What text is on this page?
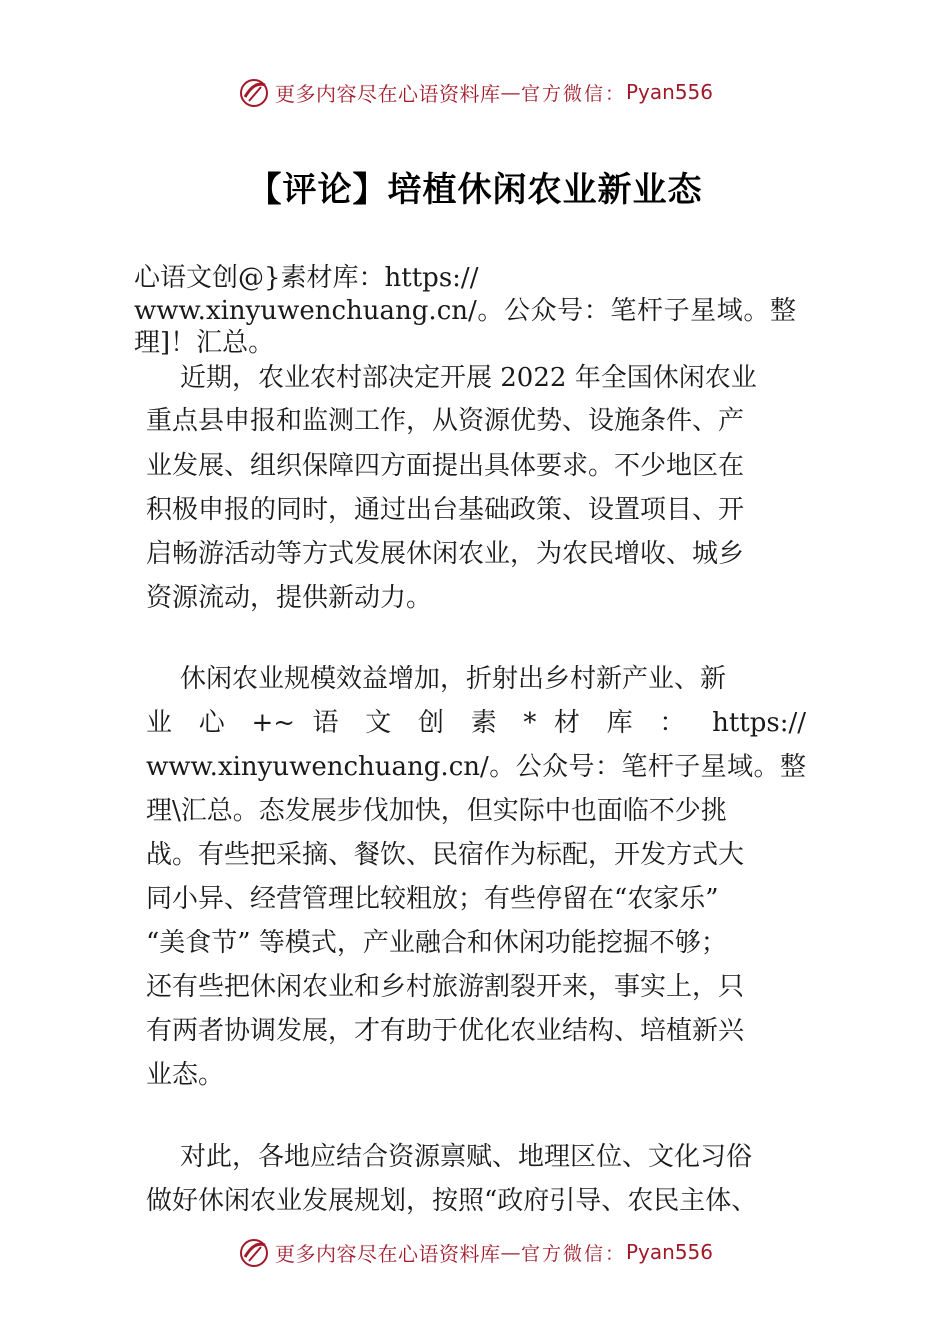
更多内容尽在心语资料库 — 官方微信： Pyan556
【评论】培植休闲农业新业态
心语文创@}素材库：https://
www.xinyuwenchuang.cn/。公众号：笔杆子星域。整
理]！汇总。
近期，农业农村部决定开展 2022 年全国休闲农业
重点县申报和监测工作，从资源优势、设施条件、产
业发展、组织保障四方面提出具体要求。不少地区在
积极申报的同时，通过出台基础政策、设置项目、开
启畅游活动等方式发展休闲农业，为农民增收、城乡
资源流动，提供新动力。
休闲农业规模效益增加，折射出乡村新产业、新
业 心 +~ 语 文 创 素 * 材 库 ： https://
www.xinyuwenchuang.cn/。公众号：笔杆子星域。整
理\汇总。态发展步伐加快，但实际中也面临不少挑
战。有些把采摘、餐饮、民宿作为标配，开发方式大
同小异、经营管理比较粗放；有些停留在“农家乐”
“美食节” 等模式，产业融合和休闲功能挖掘不够；
还有些把休闲农业和乡村旅游割裂开来，事实上，只
有两者协调发展，才有助于优化农业结构、培植新兴
业态。
对此，各地应结合资源禀赋、地理区位、文化习俗
做好休闲农业发展规划，按照“政府引导、农民主体、
更多内容尽在心语资料库 — 官方微信： Pyan556
